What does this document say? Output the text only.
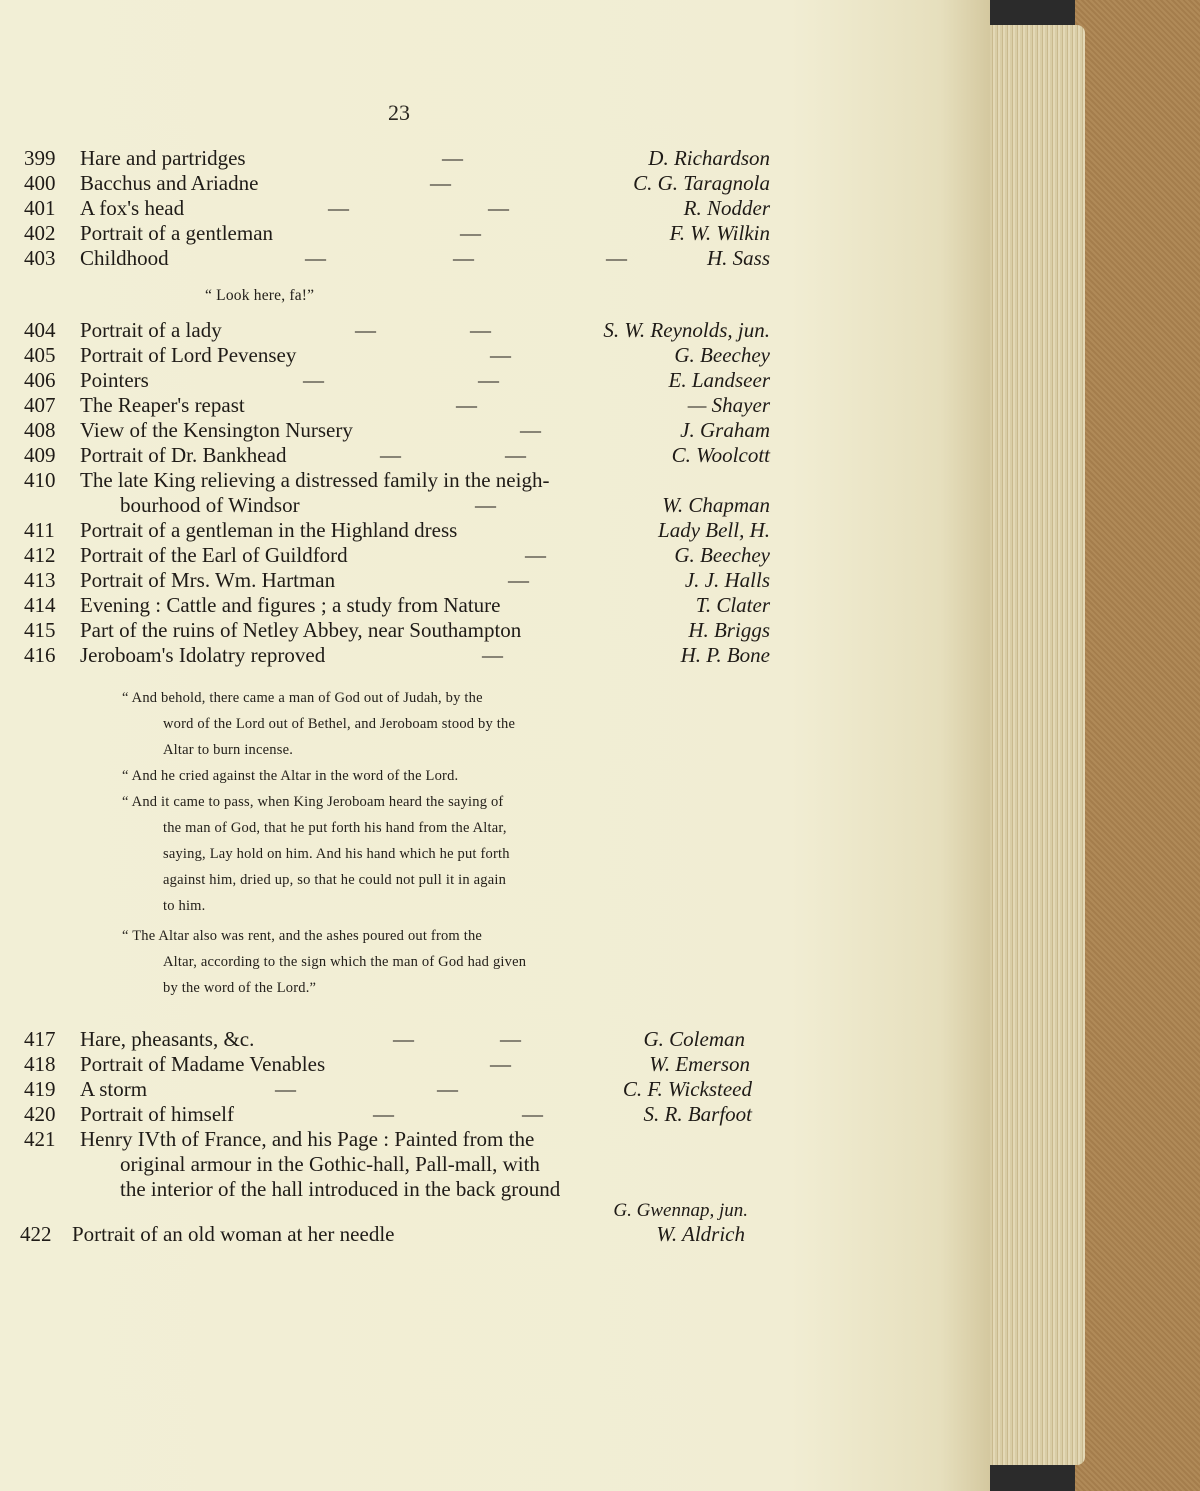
23
399 Hare and partridges	—	D. Richardson
400 Bacchus and Ariadne	—	C. G. Taragnola
401 A fox's head	—	—	R. Nodder
402 Portrait of a gentleman	—	F. W. Wilkin
403 Childhood	—	—	—	H. Sass
“ Look here, fa!”
404 Portrait of a lady	—	—	S. W. Reynolds, jun.
405 Portrait of Lord Pevensey	—	G. Beechey
406 Pointers	—	—	E. Landseer
407 The Reaper's repast	—	— Shayer
408 View of the Kensington Nursery	—	J. Graham
409 Portrait of Dr. Bankhead	—	—	C. Woolcott
410 The late King relieving a distressed family in the neigh-
bourhood of Windsor	—	W. Chapman
411 Portrait of a gentleman in the Highland dress	Lady Bell, H.
412 Portrait of the Earl of Guildford	—	G. Beechey
413 Portrait of Mrs. Wm. Hartman	—	J. J. Halls
414 Evening : Cattle and figures ; a study from Nature	T. Clater
415 Part of the ruins of Netley Abbey, near Southampton	H. Briggs
416 Jeroboam's Idolatry reproved	—	H. P. Bone
“ And behold, there came a man of God out of Judah, by the
word of the Lord out of Bethel, and Jeroboam stood by the
Altar to burn incense.
“ And he cried against the Altar in the word of the Lord.
“ And it came to pass, when King Jeroboam heard the saying of
the man of God, that he put forth his hand from the Altar,
saying, Lay hold on him. And his hand which he put forth
against him, dried up, so that he could not pull it in again
to him.
“ The Altar also was rent, and the ashes poured out from the
Altar, according to the sign which the man of God had given
by the word of the Lord.”
417 Hare, pheasants, &c.	—	—	G. Coleman
418 Portrait of Madame Venables	—	W. Emerson
419 A storm	—	—	C. F. Wicksteed
420 Portrait of himself	—	—	S. R. Barfoot
421 Henry IVth of France, and his Page : Painted from the
original armour in the Gothic-hall, Pall-mall, with
the interior of the hall introduced in the back ground
G. Gwennap, jun.
422 Portrait of an old woman at her needle	W. Aldrich
